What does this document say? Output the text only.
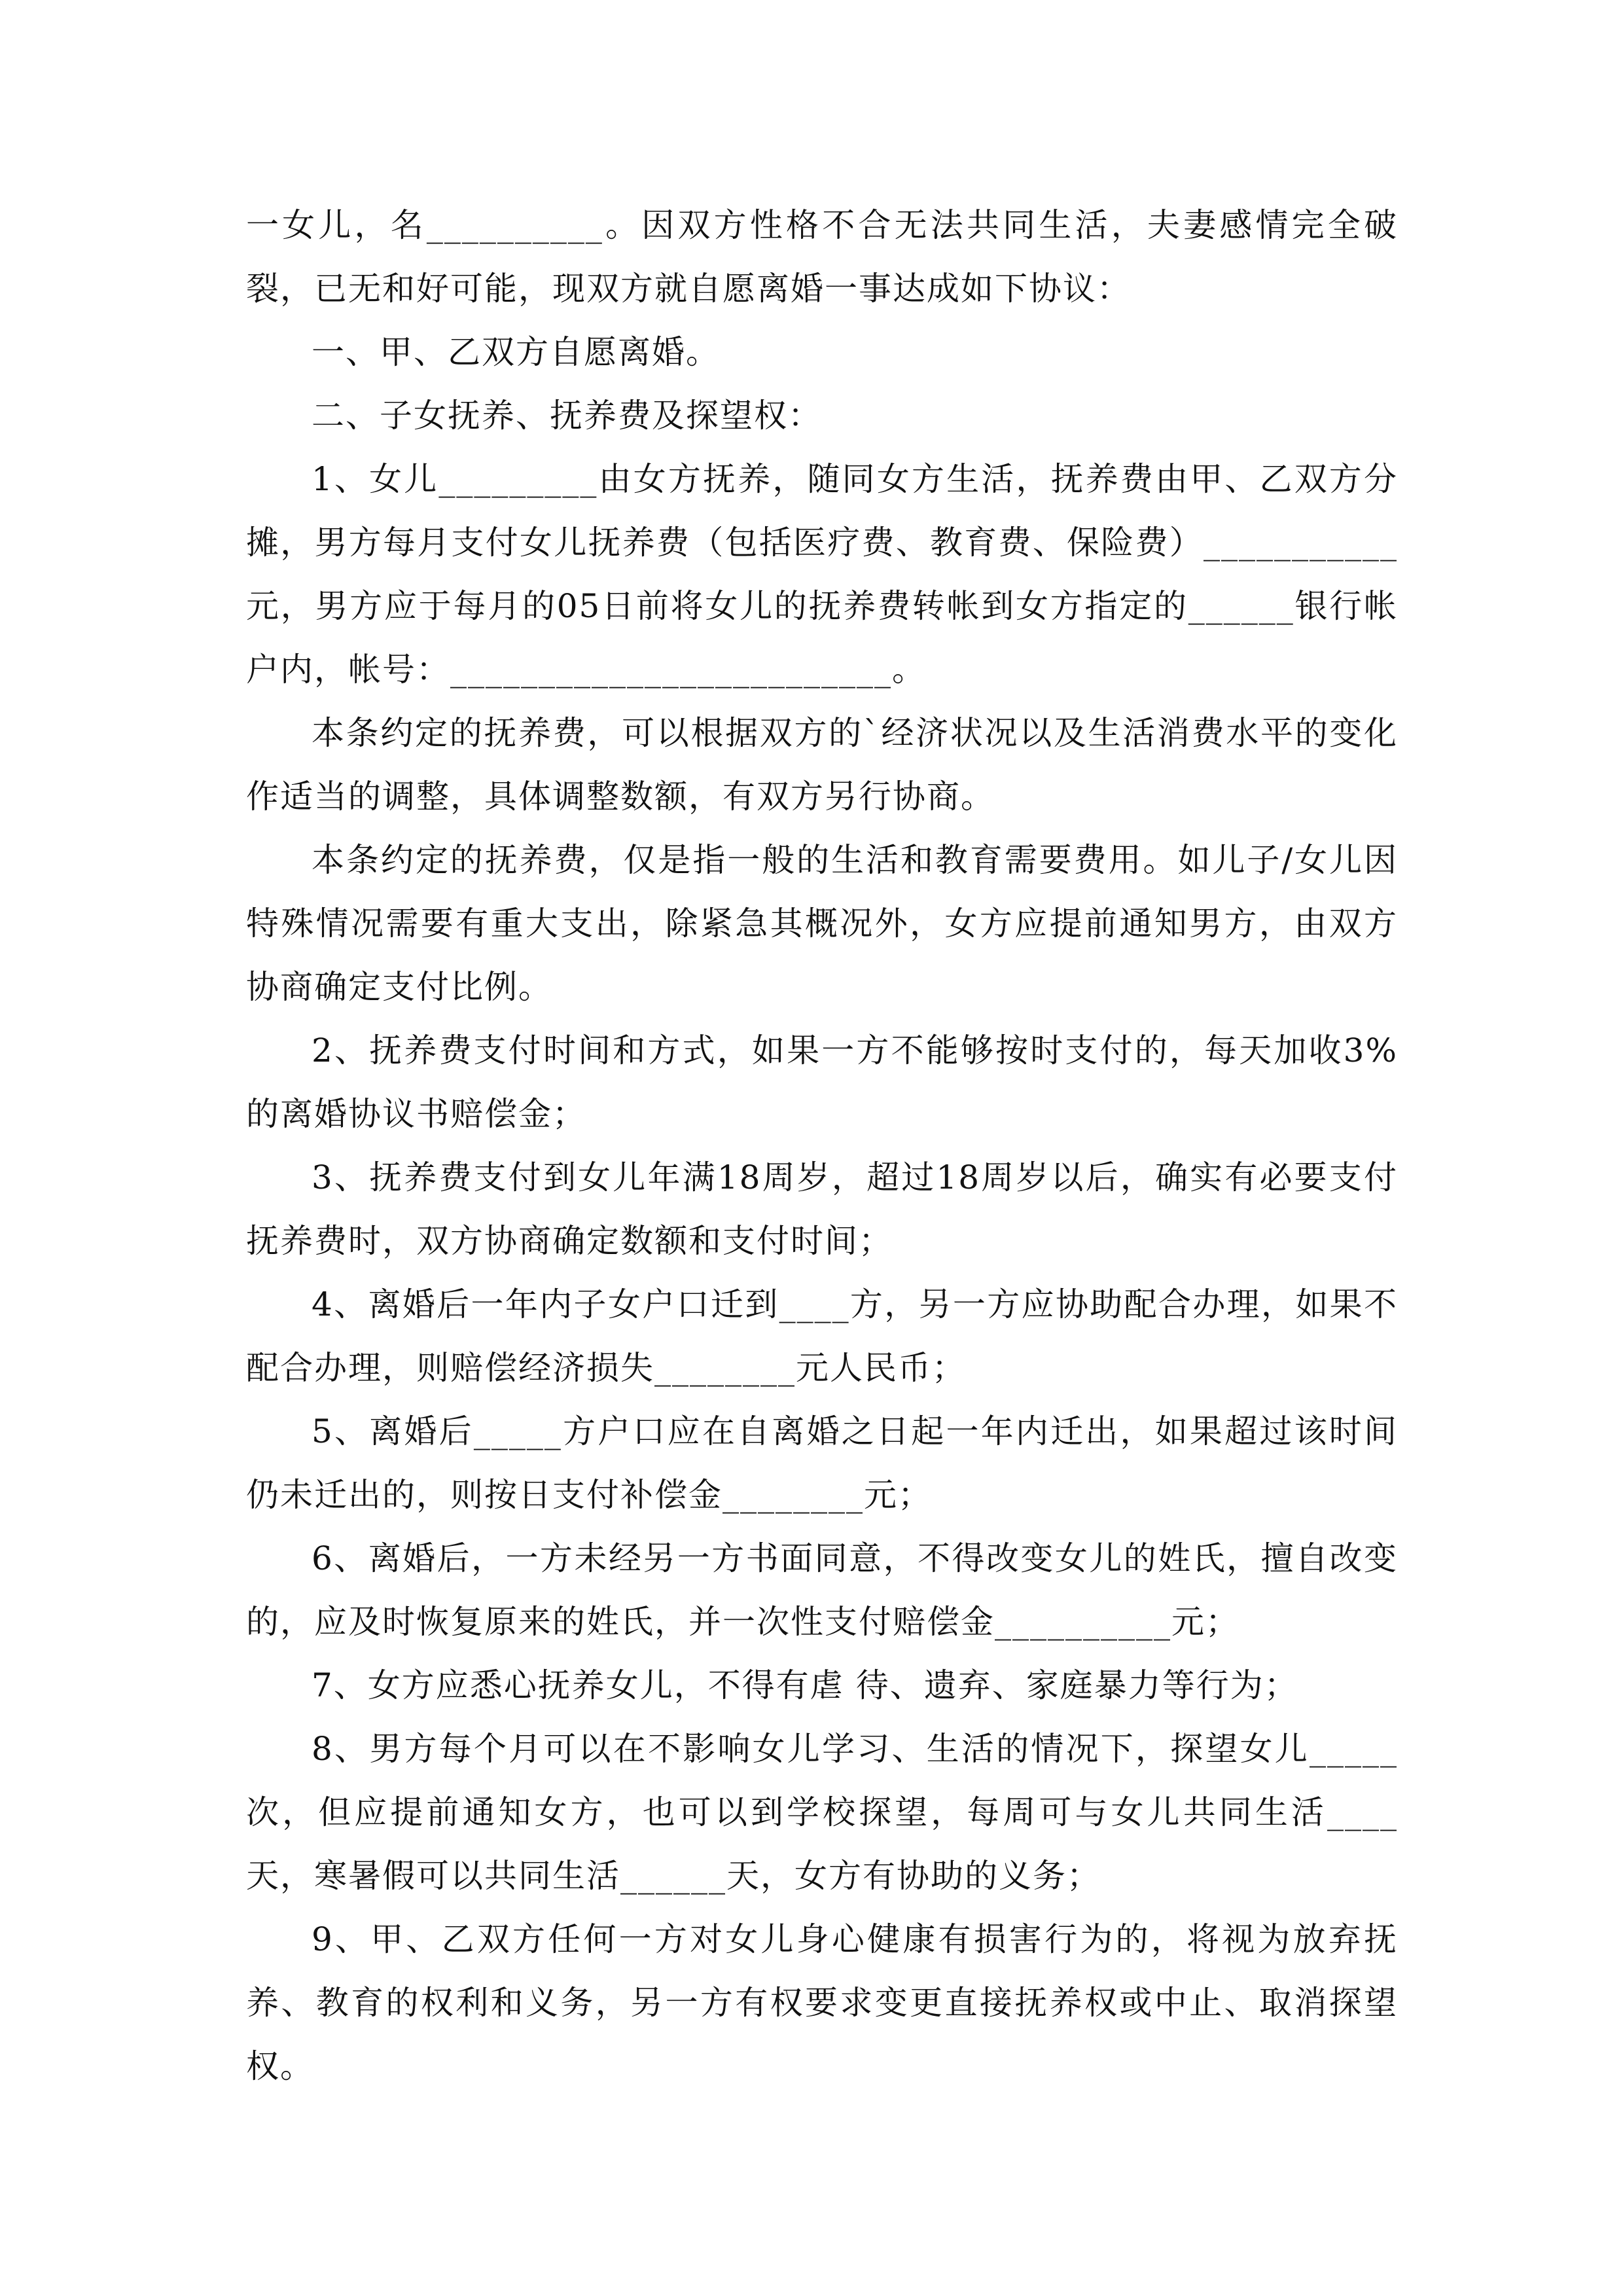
一女儿，名__________。因双方性格不合无法共同生活，夫妻感情完全破裂，已无和好可能，现双方就自愿离婚一事达成如下协议：

一、甲、乙双方自愿离婚。

二、子女抚养、抚养费及探望权：

1、女儿_________由女方抚养，随同女方生活，抚养费由甲、乙双方分摊，男方每月支付女儿抚养费（包括医疗费、教育费、保险费）___________元，男方应于每月的05日前将女儿的抚养费转帐到女方指定的______银行帐户内，帐号：_________________________。

本条约定的抚养费，可以根据双方的`经济状况以及生活消费水平的变化作适当的调整，具体调整数额，有双方另行协商。

本条约定的抚养费，仅是指一般的生活和教育需要费用。如儿子/女儿因特殊情况需要有重大支出，除紧急其概况外，女方应提前通知男方，由双方协商确定支付比例。

2、抚养费支付时间和方式，如果一方不能够按时支付的，每天加收3%的离婚协议书赔偿金；

3、抚养费支付到女儿年满18周岁，超过18周岁以后，确实有必要支付抚养费时，双方协商确定数额和支付时间；

4、离婚后一年内子女户口迁到____方，另一方应协助配合办理，如果不配合办理，则赔偿经济损失________元人民币；

5、离婚后_____方户口应在自离婚之日起一年内迁出，如果超过该时间仍未迁出的，则按日支付补偿金________元；

6、离婚后，一方未经另一方书面同意，不得改变女儿的姓氏，擅自改变的，应及时恢复原来的姓氏，并一次性支付赔偿金__________元；

7、女方应悉心抚养女儿，不得有虐 待、遗弃、家庭暴力等行为；

8、男方每个月可以在不影响女儿学习、生活的情况下，探望女儿_____次，但应提前通知女方，也可以到学校探望，每周可与女儿共同生活____天，寒暑假可以共同生活______天，女方有协助的义务；

9、甲、乙双方任何一方对女儿身心健康有损害行为的，将视为放弃抚养、教育的权利和义务，另一方有权要求变更直接抚养权或中止、取消探望权。
